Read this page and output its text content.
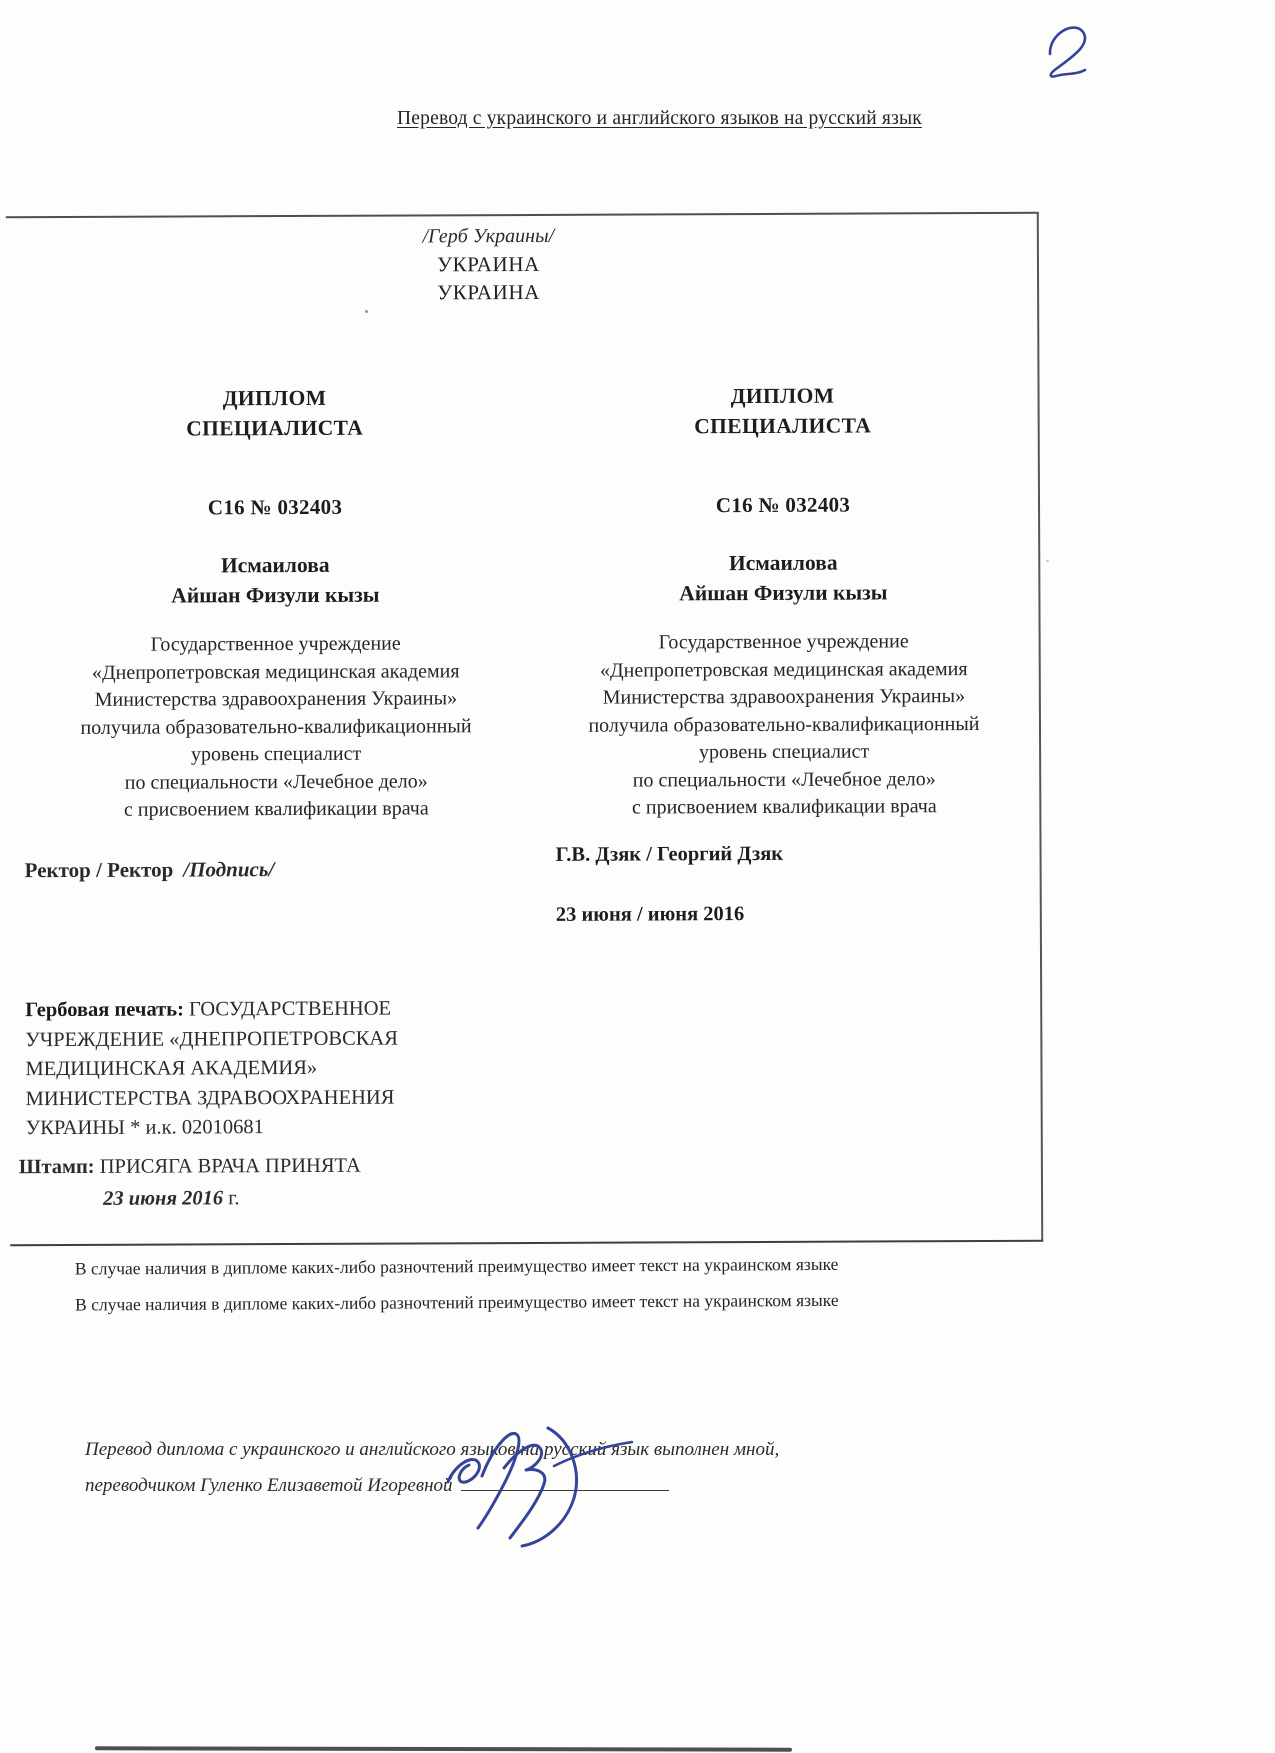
Перевод с украинского и английского языков на русский язык
/Герб Украины/
УКРАИНА
УКРАИНА
ДИПЛОМ
СПЕЦИАЛИСТА
С16 № 032403
Исмаилова
Айшан Физули кызы
Государственное учреждение
«Днепропетровская медицинская академия
Министерства здравоохранения Украины»
получила образовательно-квалификационный
уровень специалист
по специальности «Лечебное дело»
с присвоением квалификации врача
ДИПЛОМ
СПЕЦИАЛИСТА
С16 № 032403
Исмаилова
Айшан Физули кызы
Государственное учреждение
«Днепропетровская медицинская академия
Министерства здравоохранения Украины»
получила образовательно-квалификационный
уровень специалист
по специальности «Лечебное дело»
с присвоением квалификации врача
Ректор / Ректор /Подпись/
Г.В. Дзяк / Георгий Дзяк
23 июня / июня 2016
Гербовая печать: ГОСУДАРСТВЕННОЕ
УЧРЕЖДЕНИЕ «ДНЕПРОПЕТРОВСКАЯ
МЕДИЦИНСКАЯ АКАДЕМИЯ»
МИНИСТЕРСТВА ЗДРАВООХРАНЕНИЯ
УКРАИНЫ * и.к. 02010681
Штамп: ПРИСЯГА ВРАЧА ПРИНЯТА
23 июня 2016 г.
В случае наличия в дипломе каких-либо разночтений преимущество имеет текст на украинском языке
В случае наличия в дипломе каких-либо разночтений преимущество имеет текст на украинском языке
Перевод диплома с украинского и английского языков на русский язык выполнен мной,
переводчиком Гуленко Елизаветой Игоревной
